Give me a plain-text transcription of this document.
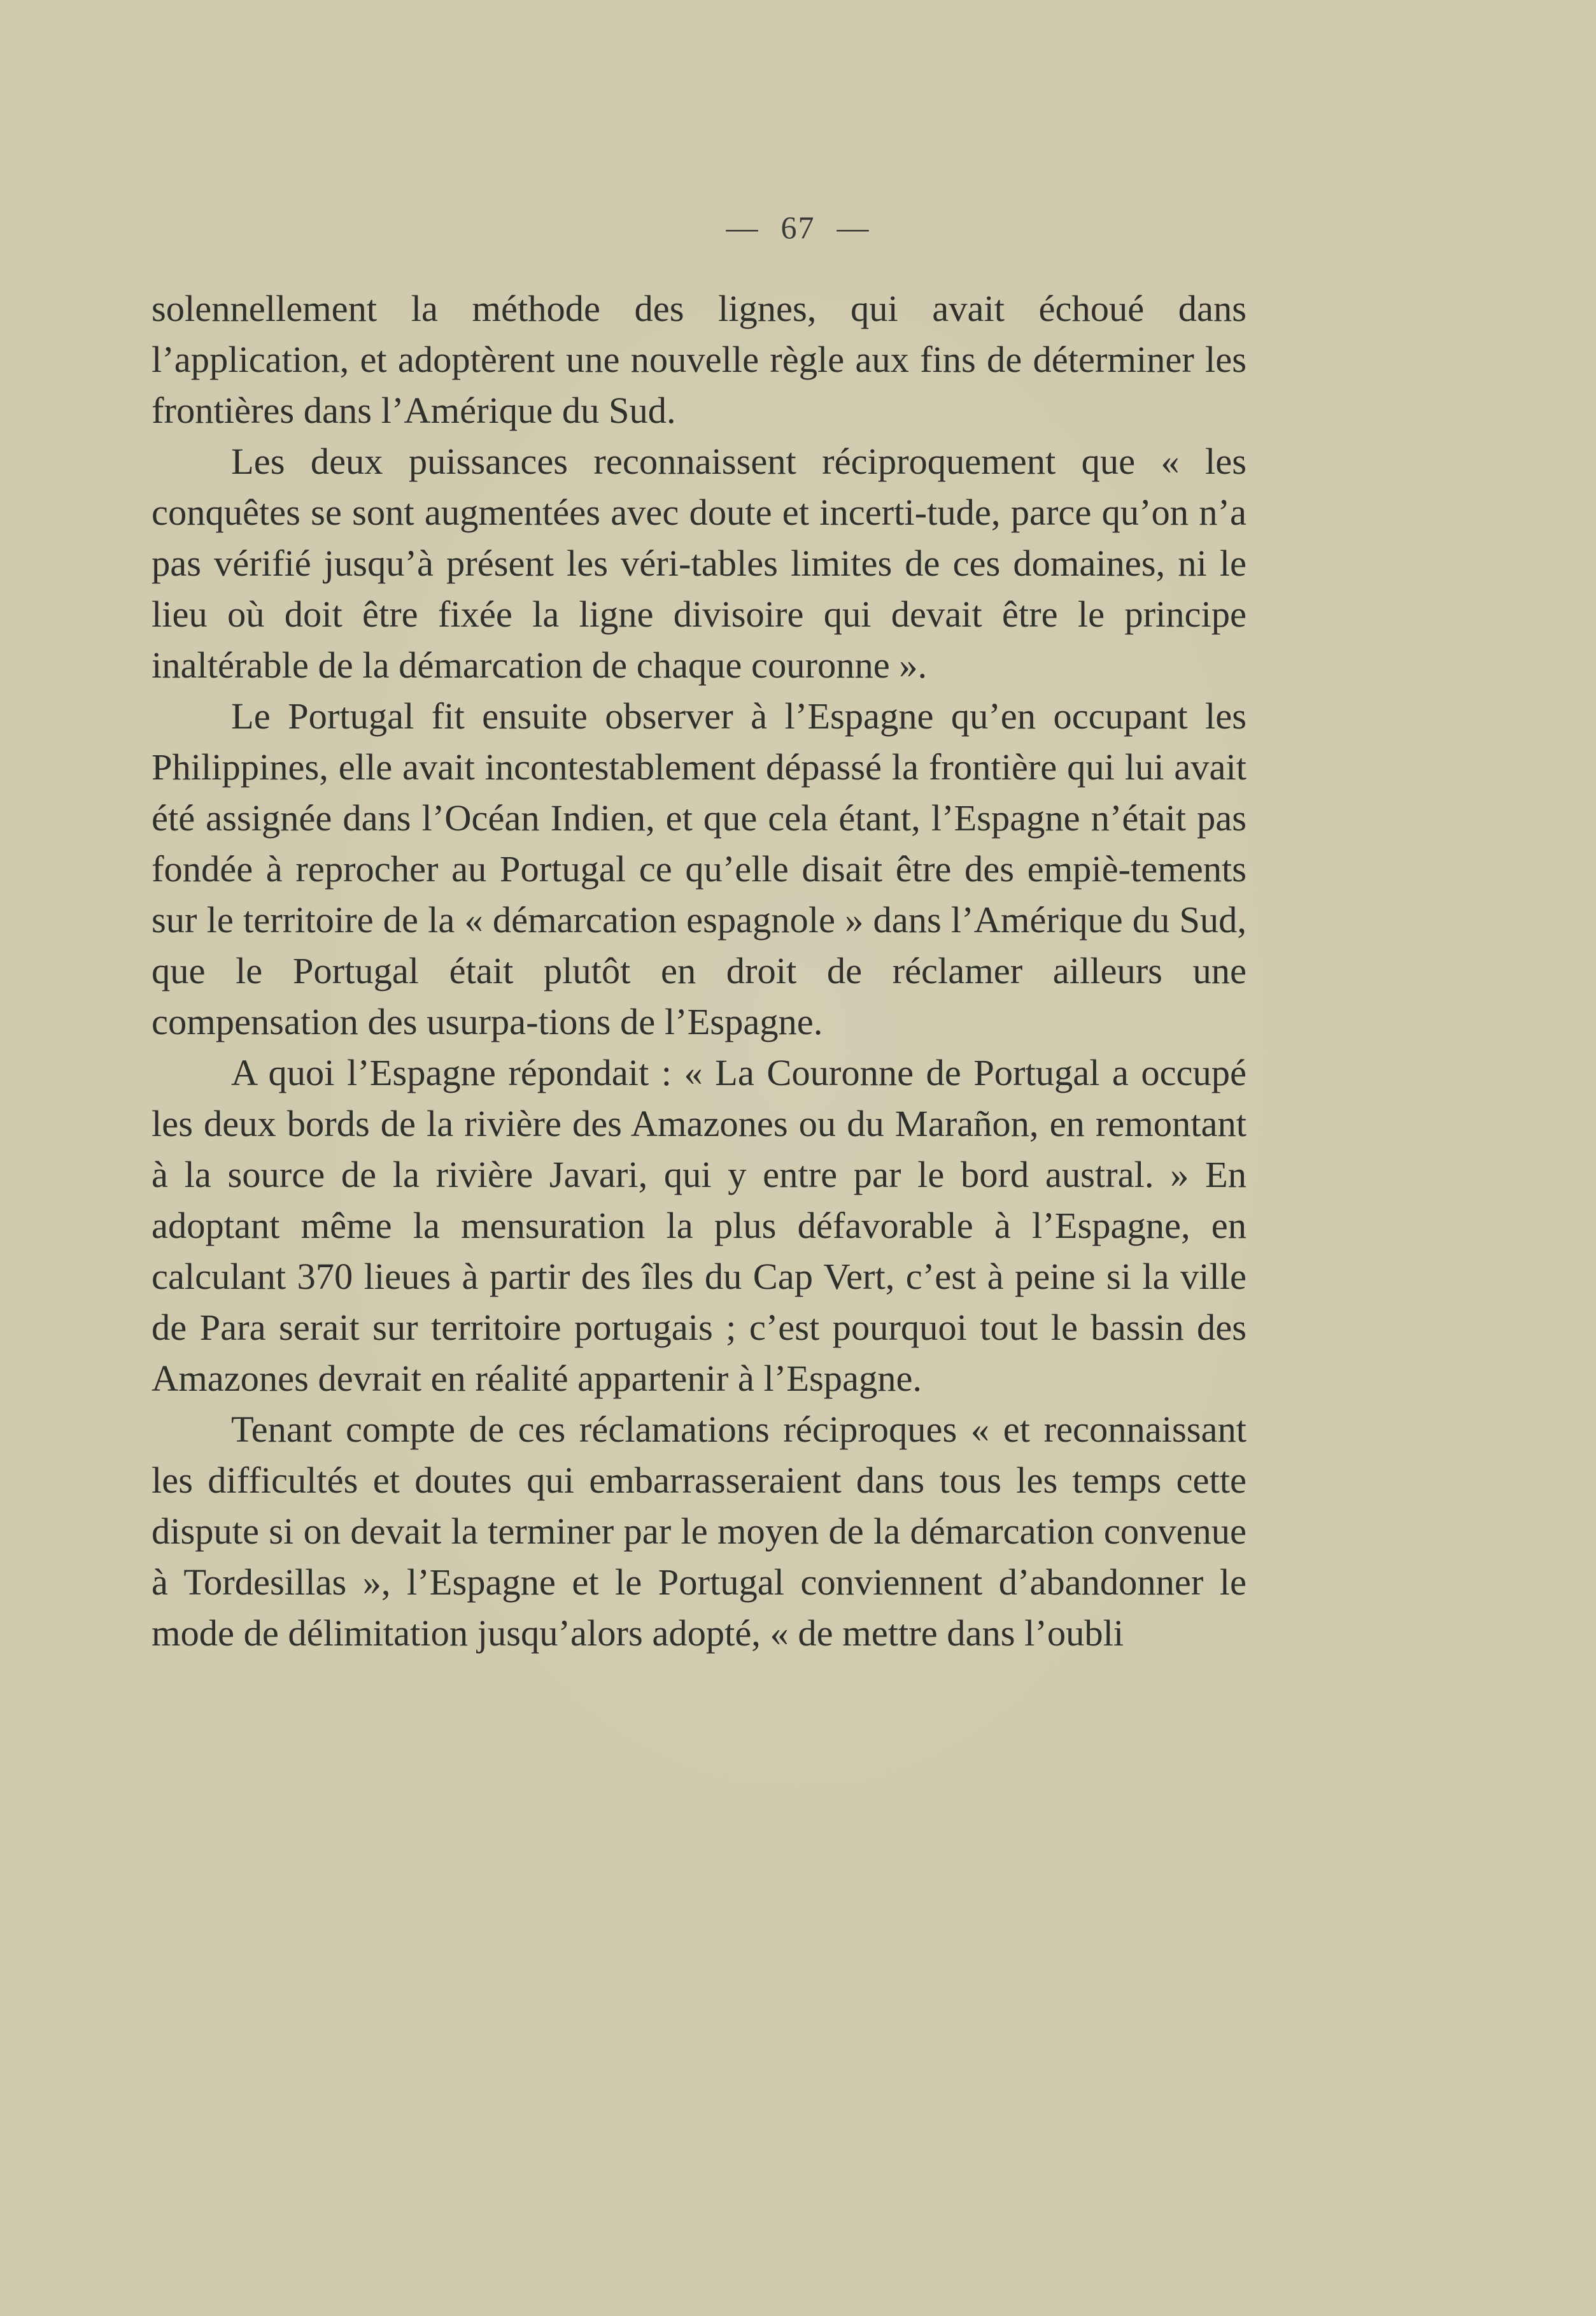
— 67 —

solennellement la méthode des lignes, qui avait échoué dans l’application, et adoptèrent une nouvelle règle aux fins de déterminer les frontières dans l’Amérique du Sud.

Les deux puissances reconnaissent réciproquement que « les conquêtes se sont augmentées avec doute et incerti-tude, parce qu’on n’a pas vérifié jusqu’à présent les véri-tables limites de ces domaines, ni le lieu où doit être fixée la ligne divisoire qui devait être le principe inaltérable de la démarcation de chaque couronne ».

Le Portugal fit ensuite observer à l’Espagne qu’en occupant les Philippines, elle avait incontestablement dépassé la frontière qui lui avait été assignée dans l’Océan Indien, et que cela étant, l’Espagne n’était pas fondée à reprocher au Portugal ce qu’elle disait être des empiè-tements sur le territoire de la « démarcation espagnole » dans l’Amérique du Sud, que le Portugal était plutôt en droit de réclamer ailleurs une compensation des usurpa-tions de l’Espagne.

A quoi l’Espagne répondait : « La Couronne de Portugal a occupé les deux bords de la rivière des Amazones ou du Marañon, en remontant à la source de la rivière Javari, qui y entre par le bord austral. » En adoptant même la mensuration la plus défavorable à l’Espagne, en calculant 370 lieues à partir des îles du Cap Vert, c’est à peine si la ville de Para serait sur territoire portugais ; c’est pourquoi tout le bassin des Amazones devrait en réalité appartenir à l’Espagne.

Tenant compte de ces réclamations réciproques « et reconnaissant les difficultés et doutes qui embarrasseraient dans tous les temps cette dispute si on devait la terminer par le moyen de la démarcation convenue à Tordesillas », l’Espagne et le Portugal conviennent d’abandonner le mode de délimitation jusqu’alors adopté, « de mettre dans l’oubli
